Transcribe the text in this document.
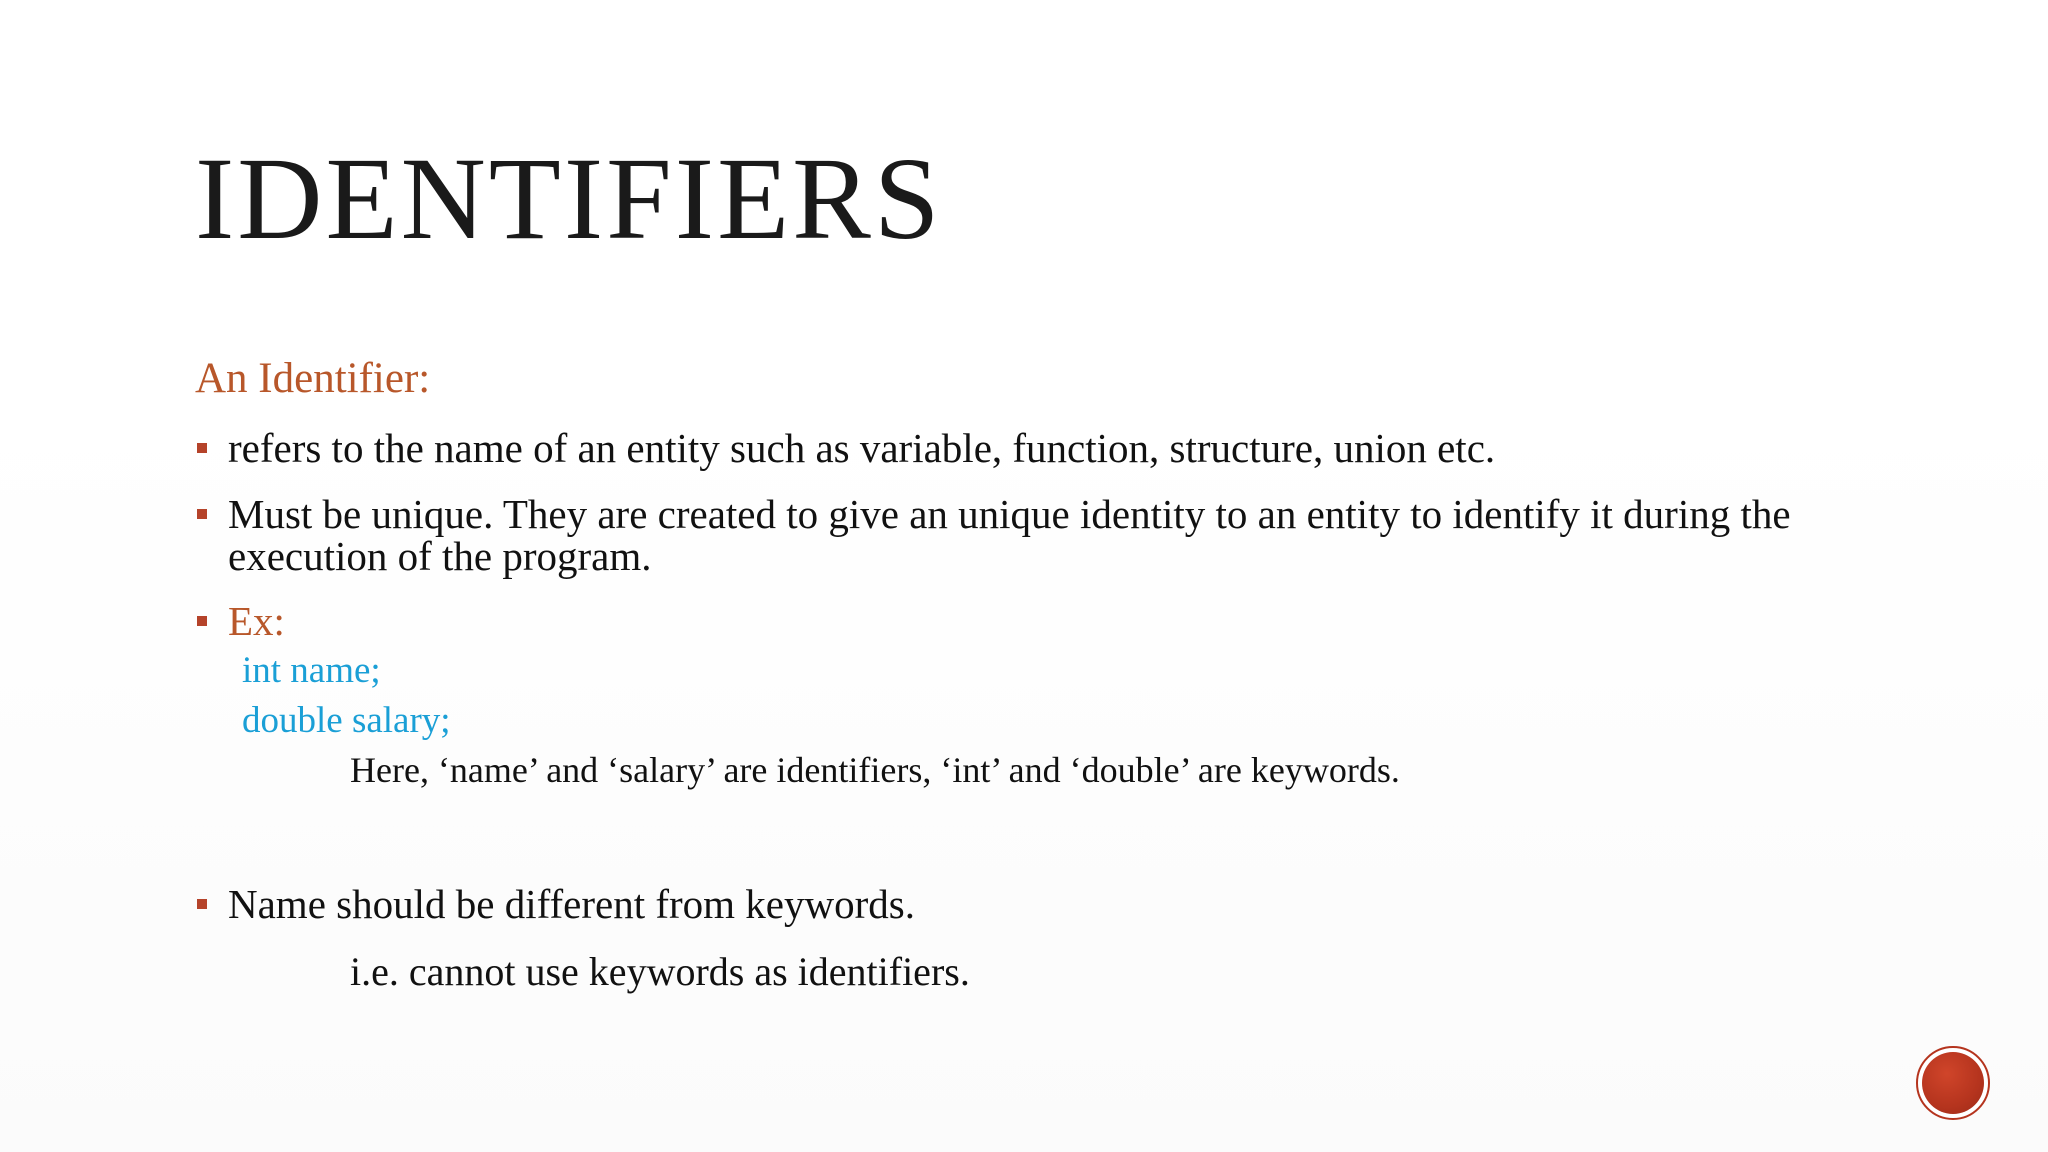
IDENTIFIERS
An Identifier:
refers to the name of an entity such as variable, function, structure, union etc.
Must be unique. They are created to give an unique identity to an entity to identify it during the execution of the program.
Ex:
int name;
double salary;
Here, ‘name’ and ‘salary’ are identifiers, ‘int’ and ‘double’ are keywords.
Name should be different from keywords.
i.e. cannot use keywords as identifiers.
